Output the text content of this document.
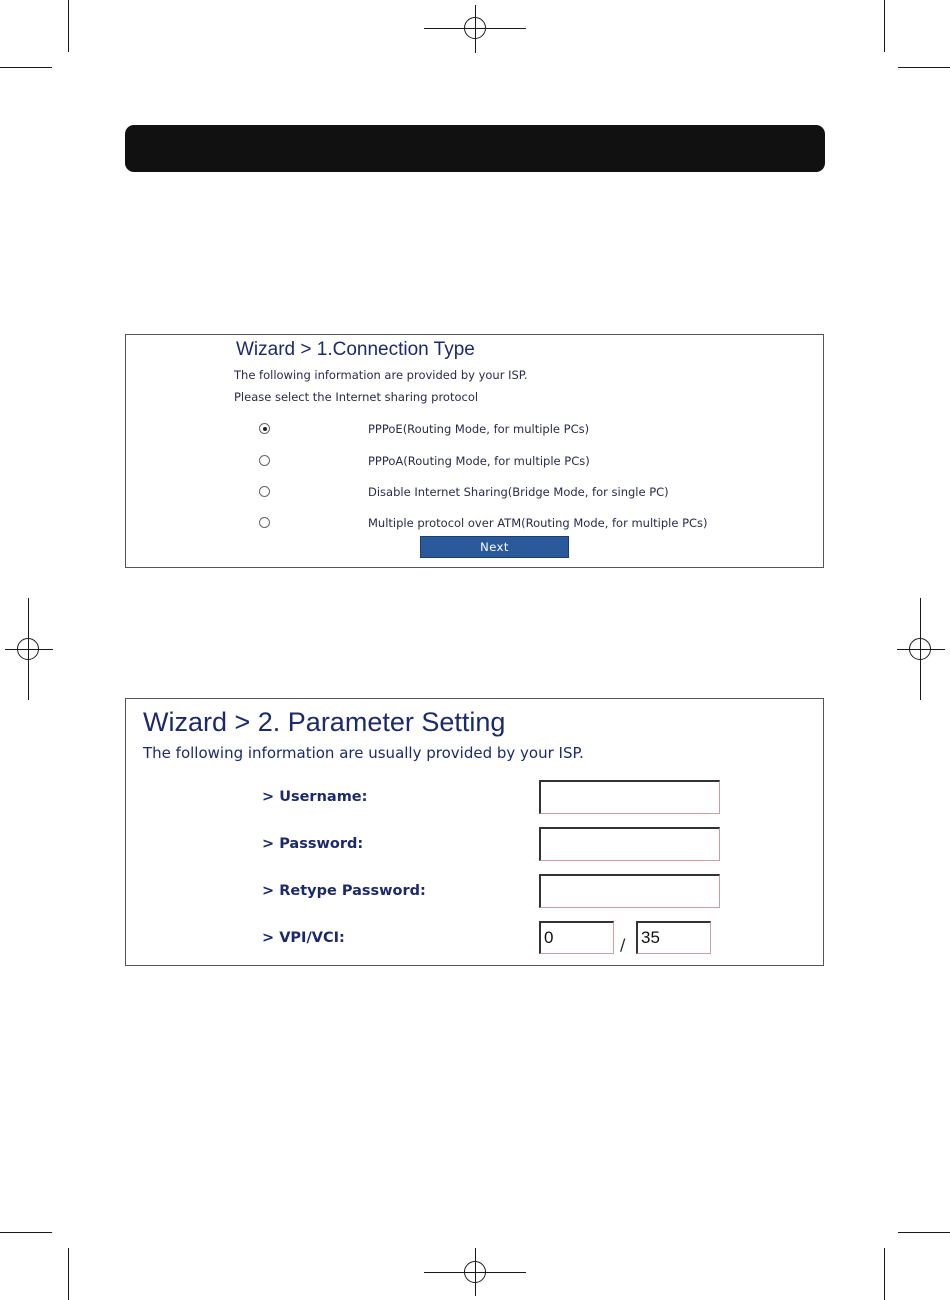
Wizard > 1.Connection Type
The following information are provided by your ISP.
Please select the Internet sharing protocol
PPPoE(Routing Mode, for multiple PCs)
PPPoA(Routing Mode, for multiple PCs)
Disable Internet Sharing(Bridge Mode, for single PC)
Multiple protocol over ATM(Routing Mode, for multiple PCs)
Next
Wizard > 2. Parameter Setting
The following information are usually provided by your ISP.
> Username:
> Password:
> Retype Password:
> VPI/VCI:
0	/
35
